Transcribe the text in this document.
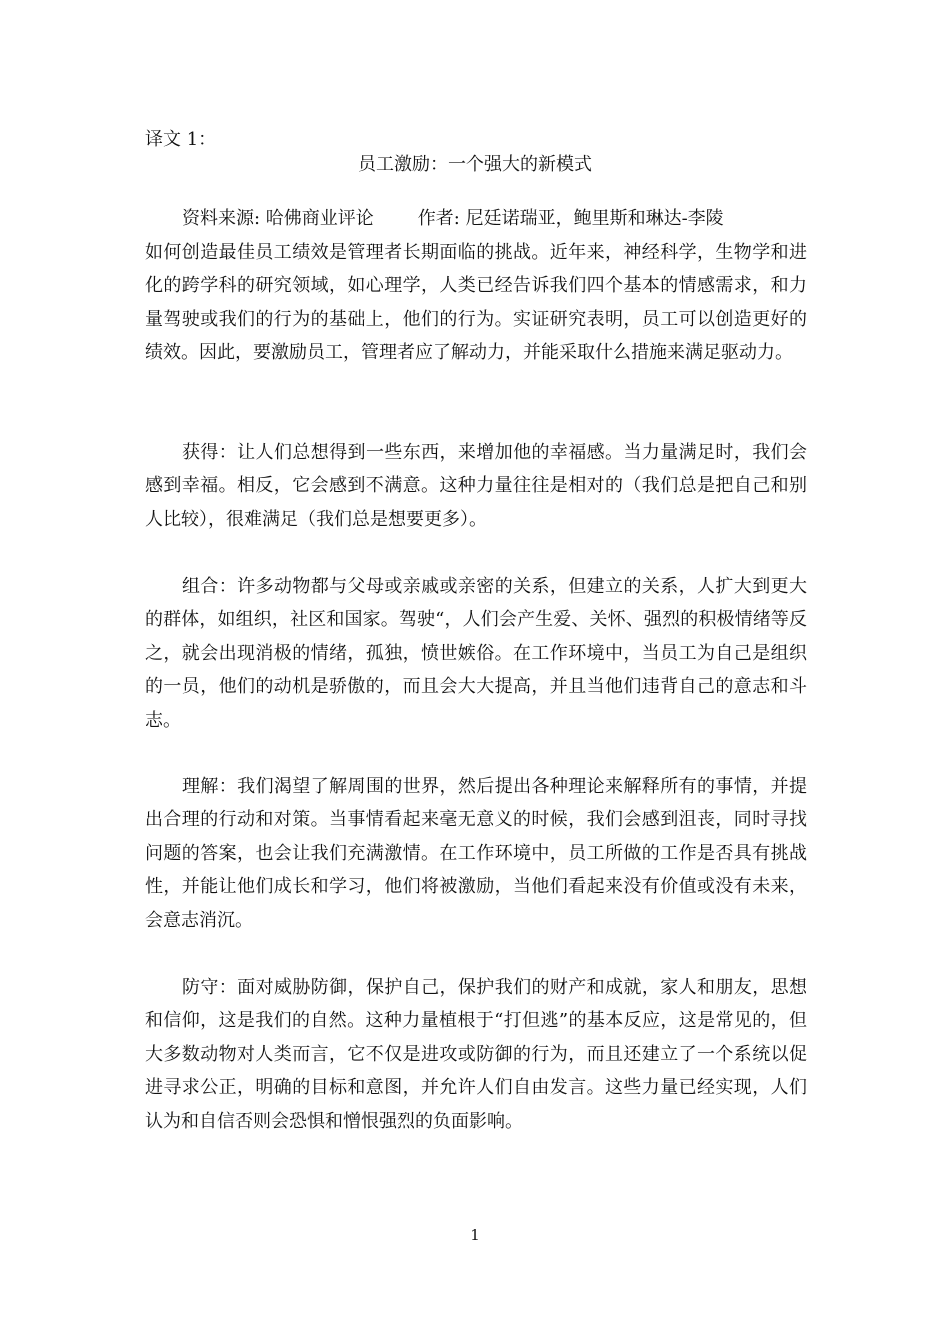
译文 1：
员工激励：一个强大的新模式
资料来源: 哈佛商业评论 作者: 尼廷诺瑞亚，鲍里斯和琳达-李陵

如何创造最佳员工绩效是管理者长期面临的挑战。近年来，神经科学，生物学和进化的跨学科的研究领域，如心理学，人类已经告诉我们四个基本的情感需求，和力量驾驶或我们的行为的基础上，他们的行为。实证研究表明，员工可以创造更好的绩效。因此，要激励员工，管理者应了解动力，并能采取什么措施来满足驱动力。

获得：让人们总想得到一些东西，来增加他的幸福感。当力量满足时，我们会感到幸福。相反，它会感到不满意。这种力量往往是相对的（我们总是把自己和别人比较），很难满足（我们总是想要更多）。

组合：许多动物都与父母或亲戚或亲密的关系，但建立的关系，人扩大到更大的群体，如组织，社区和国家。驾驶“，人们会产生爱、关怀、强烈的积极情绪等反之，就会出现消极的情绪，孤独，愤世嫉俗。在工作环境中，当员工为自己是组织的一员，他们的动机是骄傲的，而且会大大提高，并且当他们违背自己的意志和斗志。

理解：我们渴望了解周围的世界，然后提出各种理论来解释所有的事情，并提出合理的行动和对策。当事情看起来毫无意义的时候，我们会感到沮丧，同时寻找问题的答案，也会让我们充满激情。在工作环境中，员工所做的工作是否具有挑战性，并能让他们成长和学习，他们将被激励，当他们看起来没有价值或没有未来，会意志消沉。

防守：面对威胁防御，保护自己，保护我们的财产和成就，家人和朋友，思想和信仰，这是我们的自然。这种力量植根于“打但逃”的基本反应，这是常见的，但大多数动物对人类而言，它不仅是进攻或防御的行为，而且还建立了一个系统以促进寻求公正，明确的目标和意图，并允许人们自由发言。这些力量已经实现，人们认为和自信否则会恐惧和憎恨强烈的负面影响。

1
